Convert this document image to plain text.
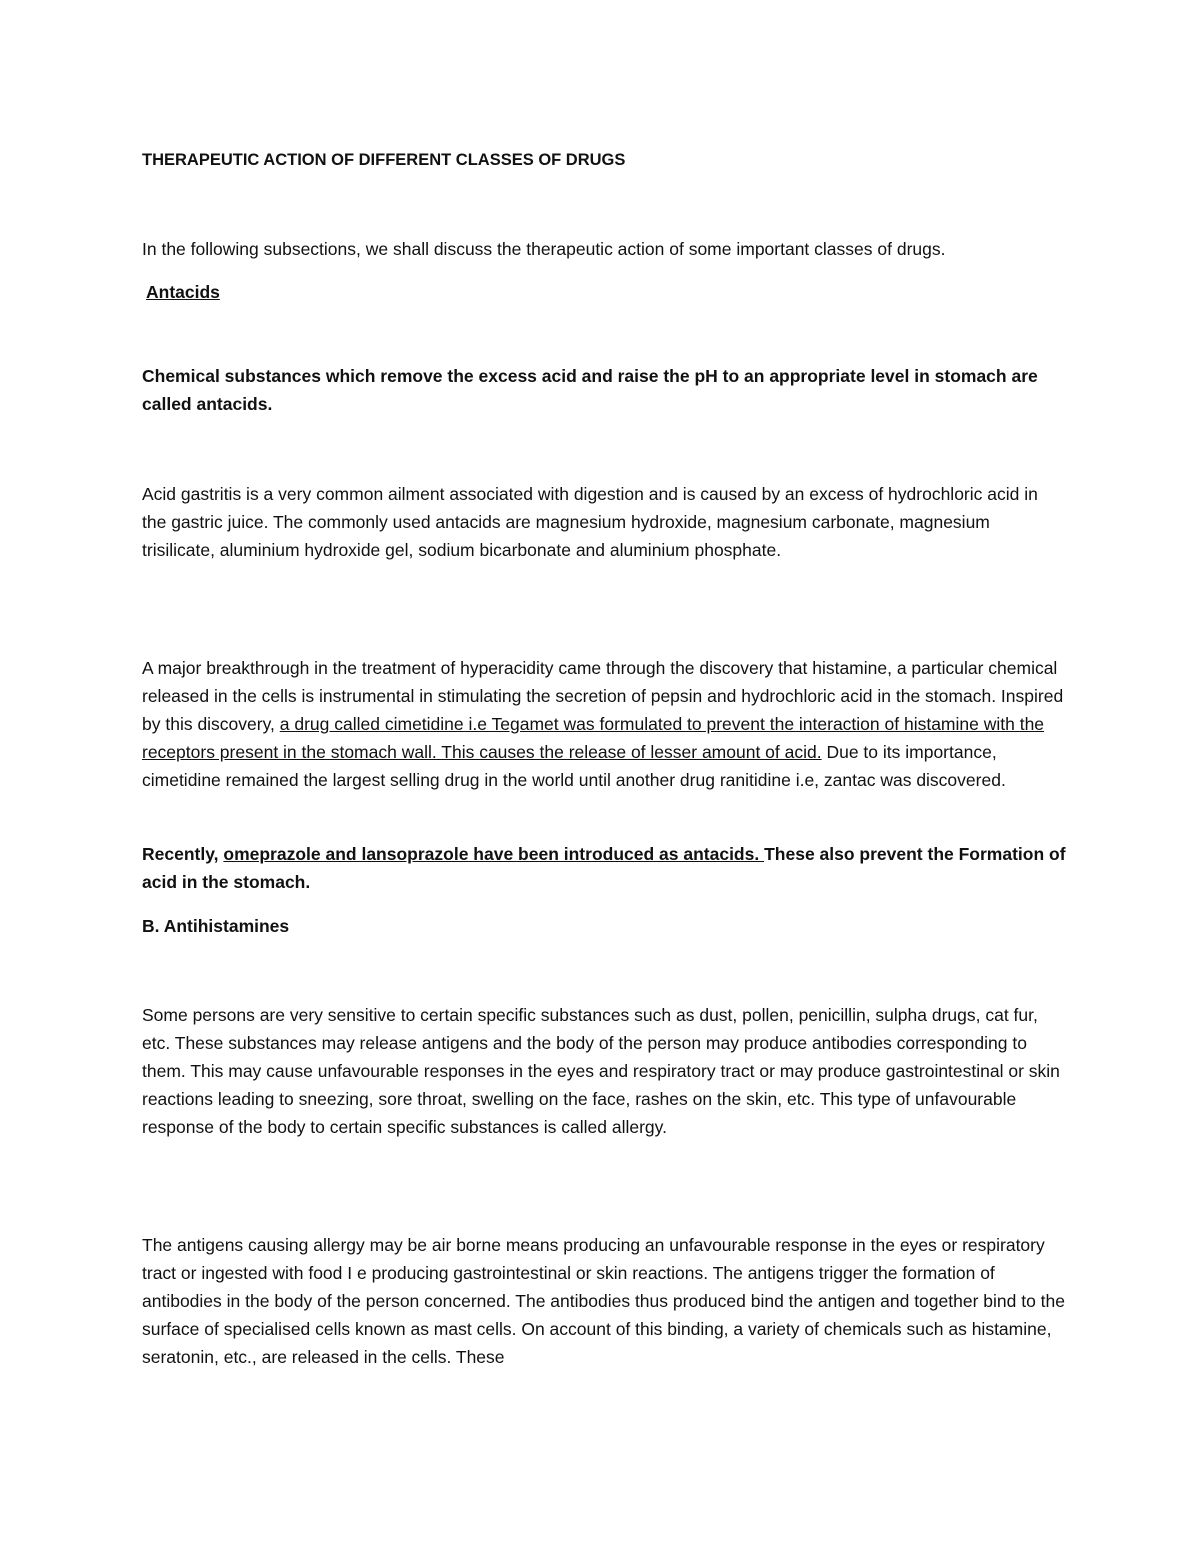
THERAPEUTIC ACTION OF DIFFERENT CLASSES OF DRUGS
In the following subsections, we shall discuss the therapeutic action of some important classes of drugs.
Antacids
Chemical substances which remove the excess acid and raise the pH to an appropriate level in stomach are called antacids.
Acid gastritis is a very common ailment associated with digestion and is caused by an excess of hydrochloric acid in the gastric juice. The commonly used antacids are magnesium hydroxide, magnesium carbonate, magnesium trisilicate, aluminium hydroxide gel, sodium bicarbonate and aluminium phosphate.
A major breakthrough in the treatment of hyperacidity came through the discovery that histamine, a particular chemical released in the cells is instrumental in stimulating the secretion of pepsin and hydrochloric acid in the stomach. Inspired by this discovery, a drug called cimetidine i.e Tegamet was formulated to prevent the interaction of histamine with the receptors present in the stomach wall. This causes the release of lesser amount of acid. Due to its importance, cimetidine remained the largest selling drug in the world until another drug ranitidine i.e, zantac was discovered.
Recently, omeprazole and lansoprazole have been introduced as antacids. These also prevent the Formation of acid in the stomach.
B. Antihistamines
Some persons are very sensitive to certain specific substances such as dust, pollen, penicillin, sulpha drugs, cat fur, etc. These substances may release antigens and the body of the person may produce antibodies corresponding to them. This may cause unfavourable responses in the eyes and respiratory tract or may produce gastrointestinal or skin reactions leading to sneezing, sore throat, swelling on the face, rashes on the skin, etc. This type of unfavourable response of the body to certain specific substances is called allergy.
The antigens causing allergy may be air borne means producing an unfavourable response in the eyes or respiratory tract or ingested with food I e producing gastrointestinal or skin reactions. The antigens trigger the formation of antibodies in the body of the person concerned. The antibodies thus produced bind the antigen and together bind to the surface of specialised cells known as mast cells. On account of this binding, a variety of chemicals such as histamine, seratonin, etc., are released in the cells. These
